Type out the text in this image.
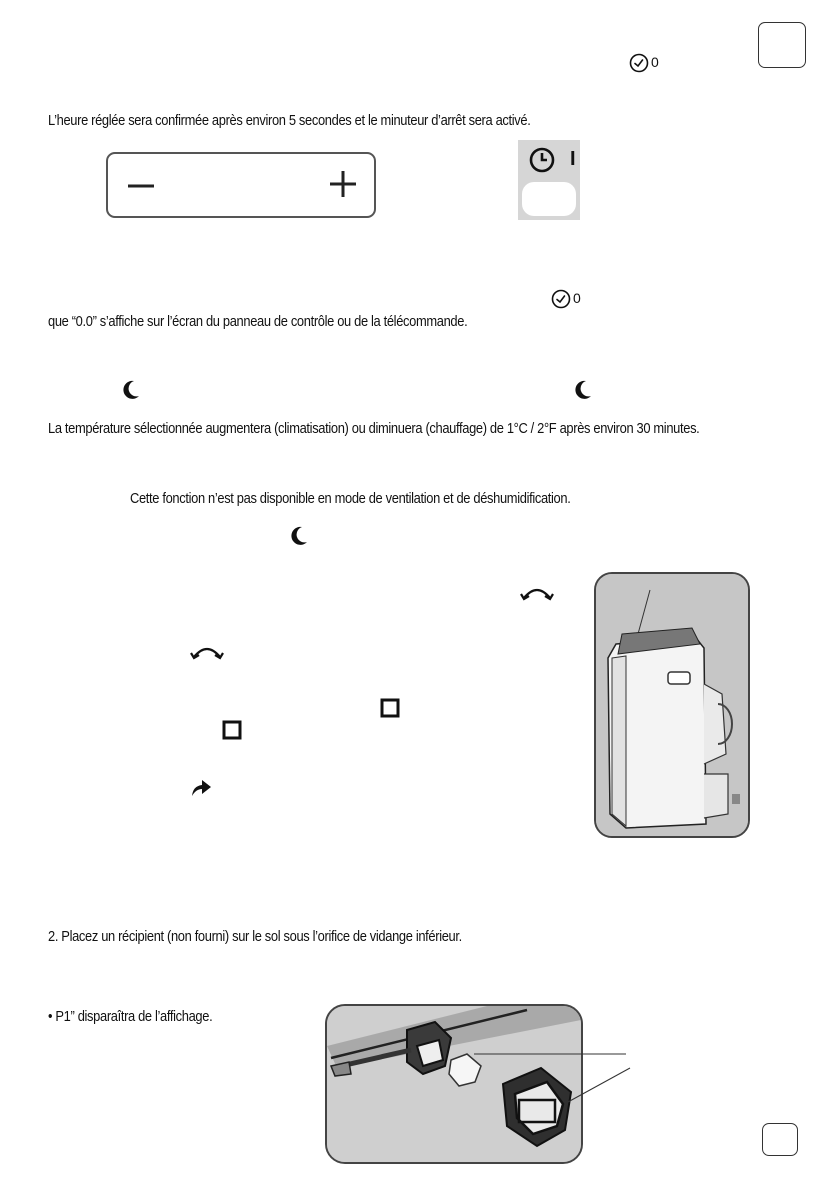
0
L’heure réglée sera confirmée après environ 5 secondes et le minuteur d’arrêt sera activé.
I
0
que “0.0” s’affiche sur l’écran du panneau de contrôle ou de la télécommande.
La température sélectionnée augmentera (climatisation) ou diminuera (chauffage) de 1°C / 2°F après environ 30 minutes.
Cette fonction n’est pas disponible en mode de ventilation et de déshumidification.
2. Placez un récipient (non fourni) sur le sol sous l’orifice de vidange inférieur.
• P1” disparaîtra de l’affichage.
